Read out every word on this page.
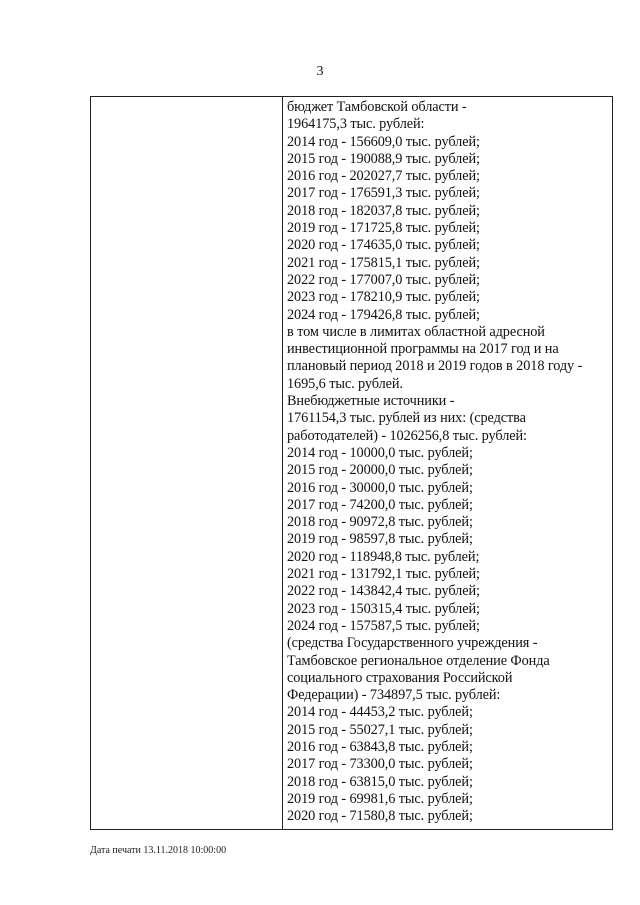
3
бюджет Тамбовской области -
1964175,3 тыс. рублей:
2014 год - 156609,0 тыс. рублей;
2015 год - 190088,9 тыс. рублей;
2016 год - 202027,7 тыс. рублей;
2017 год - 176591,3 тыс. рублей;
2018 год - 182037,8 тыс. рублей;
2019 год - 171725,8 тыс. рублей;
2020 год - 174635,0 тыс. рублей;
2021 год - 175815,1 тыс. рублей;
2022 год - 177007,0 тыс. рублей;
2023 год - 178210,9 тыс. рублей;
2024 год - 179426,8 тыс. рублей;
в том числе в лимитах областной адресной
инвестиционной программы на 2017 год и на
плановый период 2018 и 2019 годов в 2018 году -
1695,6 тыс. рублей.
Внебюджетные источники -
1761154,3 тыс. рублей из них: (средства
работодателей) - 1026256,8 тыс. рублей:
2014 год - 10000,0 тыс. рублей;
2015 год - 20000,0 тыс. рублей;
2016 год - 30000,0 тыс. рублей;
2017 год - 74200,0 тыс. рублей;
2018 год - 90972,8 тыс. рублей;
2019 год - 98597,8 тыс. рублей;
2020 год - 118948,8 тыс. рублей;
2021 год - 131792,1 тыс. рублей;
2022 год - 143842,4 тыс. рублей;
2023 год - 150315,4 тыс. рублей;
2024 год - 157587,5 тыс. рублей;
(средства Государственного учреждения -
Тамбовское региональное отделение Фонда
социального страхования Российской
Федерации) - 734897,5 тыс. рублей:
2014 год - 44453,2 тыс. рублей;
2015 год - 55027,1 тыс. рублей;
2016 год - 63843,8 тыс. рублей;
2017 год - 73300,0 тыс. рублей;
2018 год - 63815,0 тыс. рублей;
2019 год - 69981,6 тыс. рублей;
2020 год - 71580,8 тыс. рублей;
Дата печати 13.11.2018 10:00:00
